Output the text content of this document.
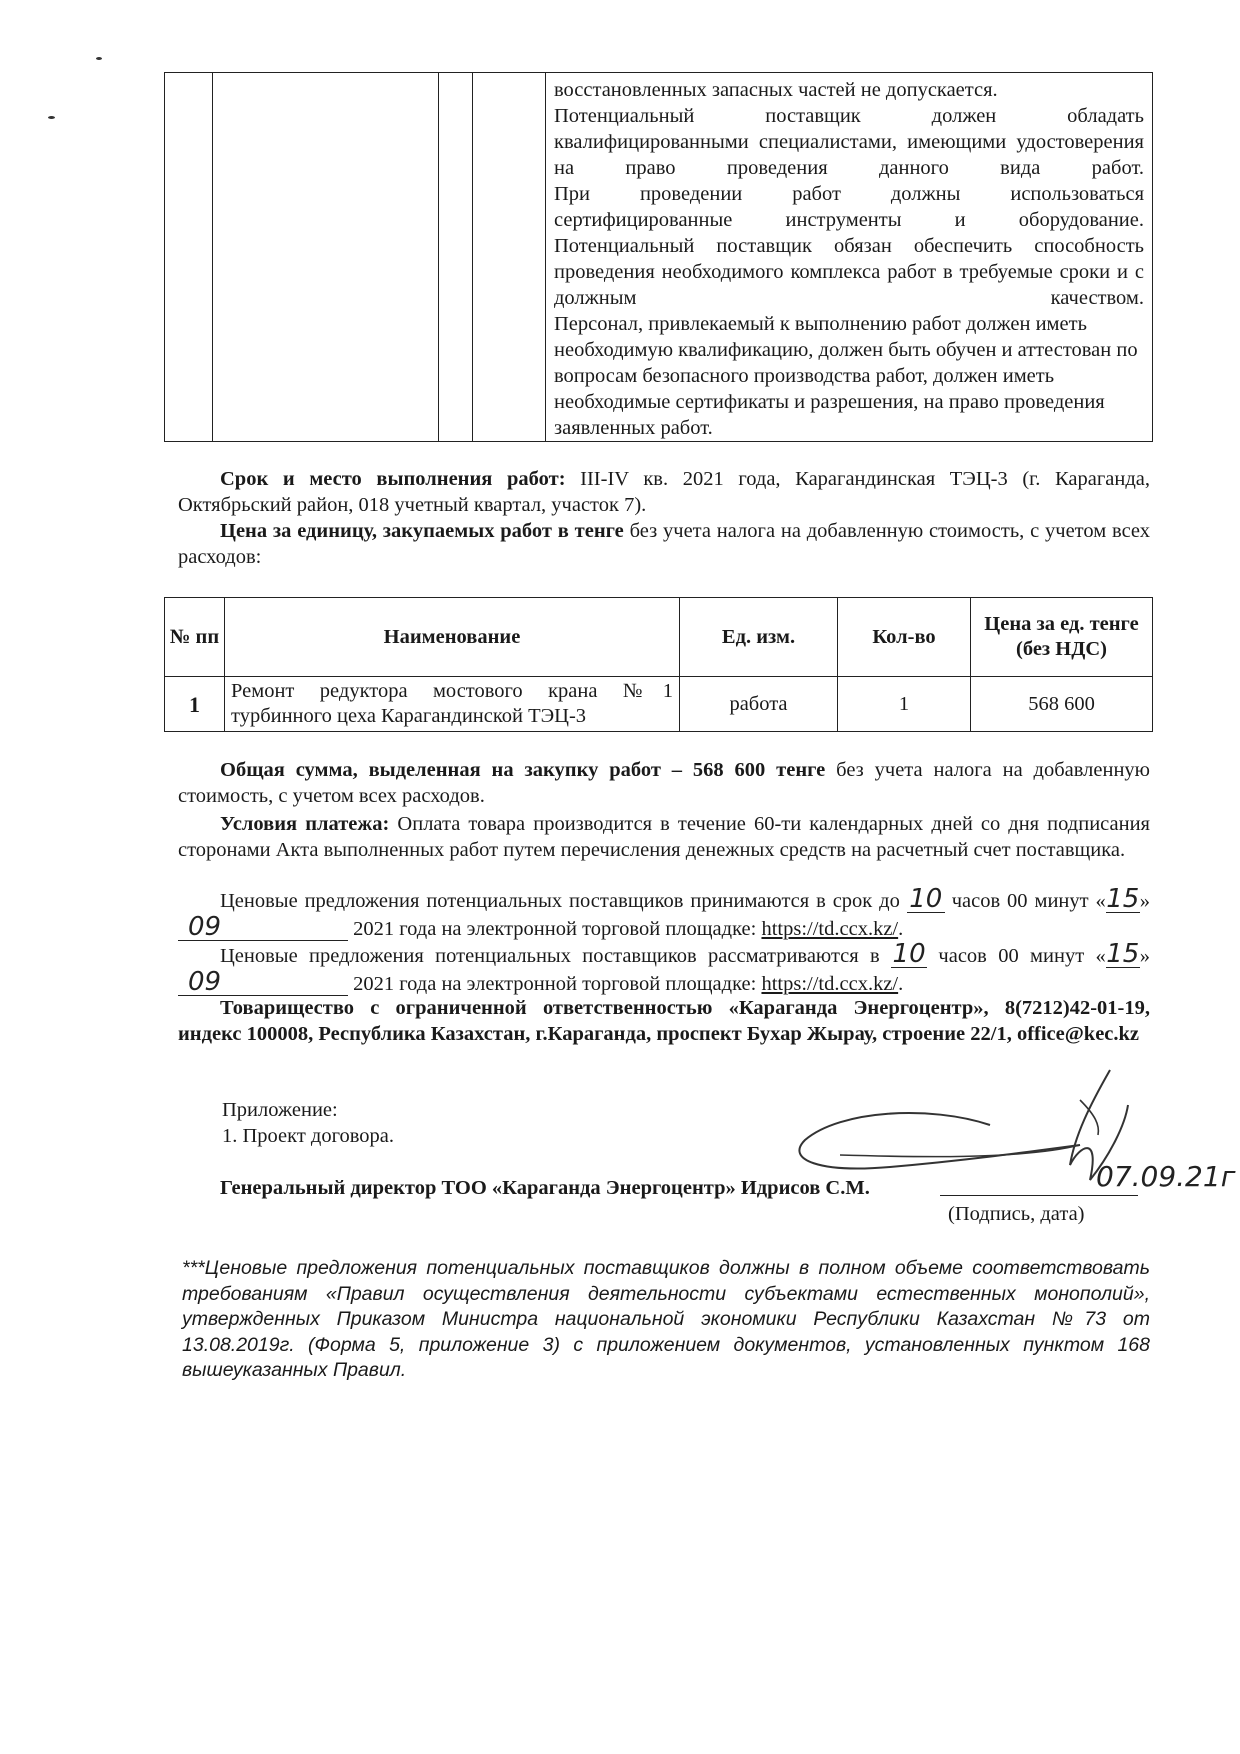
восстановленных запасных частей не допускается.

Потенциальный поставщик должен обладать квалифицированными специалистами, имеющими удостоверения на право проведения данного вида работ.

При проведении работ должны использоваться сертифицированные инструменты и оборудование.

Потенциальный поставщик обязан обеспечить способность проведения необходимого комплекса работ в требуемые сроки и с должным качеством.

Персонал, привлекаемый к выполнению работ должен иметь необходимую квалификацию, должен быть обучен и аттестован по вопросам безопасного производства работ, должен иметь необходимые сертификаты и разрешения, на право проведения заявленных работ.

Срок и место выполнения работ: III-IV кв. 2021 года, Карагандинская ТЭЦ-3 (г. Караганда, Октябрьский район, 018 учетный квартал, участок 7).
Цена за единицу, закупаемых работ в тенге без учета налога на добавленную стоимость, с учетом всех расходов:
№ пп	Наименование	Ед. изм.	Кол-во	Цена за ед. тенге (без НДС)
1	Ремонт редуктора мостового крана №1 турбинного цеха Карагандинской ТЭЦ-3	работа	1	568 600
Общая сумма, выделенная на закупку работ – 568 600 тенге без учета налога на добавленную стоимость, с учетом всех расходов.
Условия платежа: Оплата товара производится в течение 60-ти календарных дней со дня подписания сторонами Акта выполненных работ путем перечисления денежных средств на расчетный счет поставщика.
Ценовые предложения потенциальных поставщиков принимаются в срок до 10 часов 00 минут «15» 09	2021 года на электронной торговой площадке: https://td.ccx.kz/.
Ценовые предложения потенциальных поставщиков рассматриваются в 10 часов 00 минут «15» 09	2021 года на электронной торговой площадке: https://td.ccx.kz/.
Товарищество с ограниченной ответственностью «Караганда Энергоцентр», 8(7212)42-01-19, индекс 100008, Республика Казахстан, г.Караганда, проспект Бухар Жырау, строение 22/1, office@kec.kz
Приложение:
1. Проект договора.
Генеральный директор ТОО «Караганда Энергоцентр» Идрисов С.М.	07.09.21г
(Подпись, дата)
***Ценовые предложения потенциальных поставщиков должны в полном объеме соответствовать требованиям «Правил осуществления деятельности субъектами естественных монополий», утвержденных Приказом Министра национальной экономики Республики Казахстан №73 от 13.08.2019г. (Форма 5, приложение 3) с приложением документов, установленных пунктом 168 вышеуказанных Правил.
